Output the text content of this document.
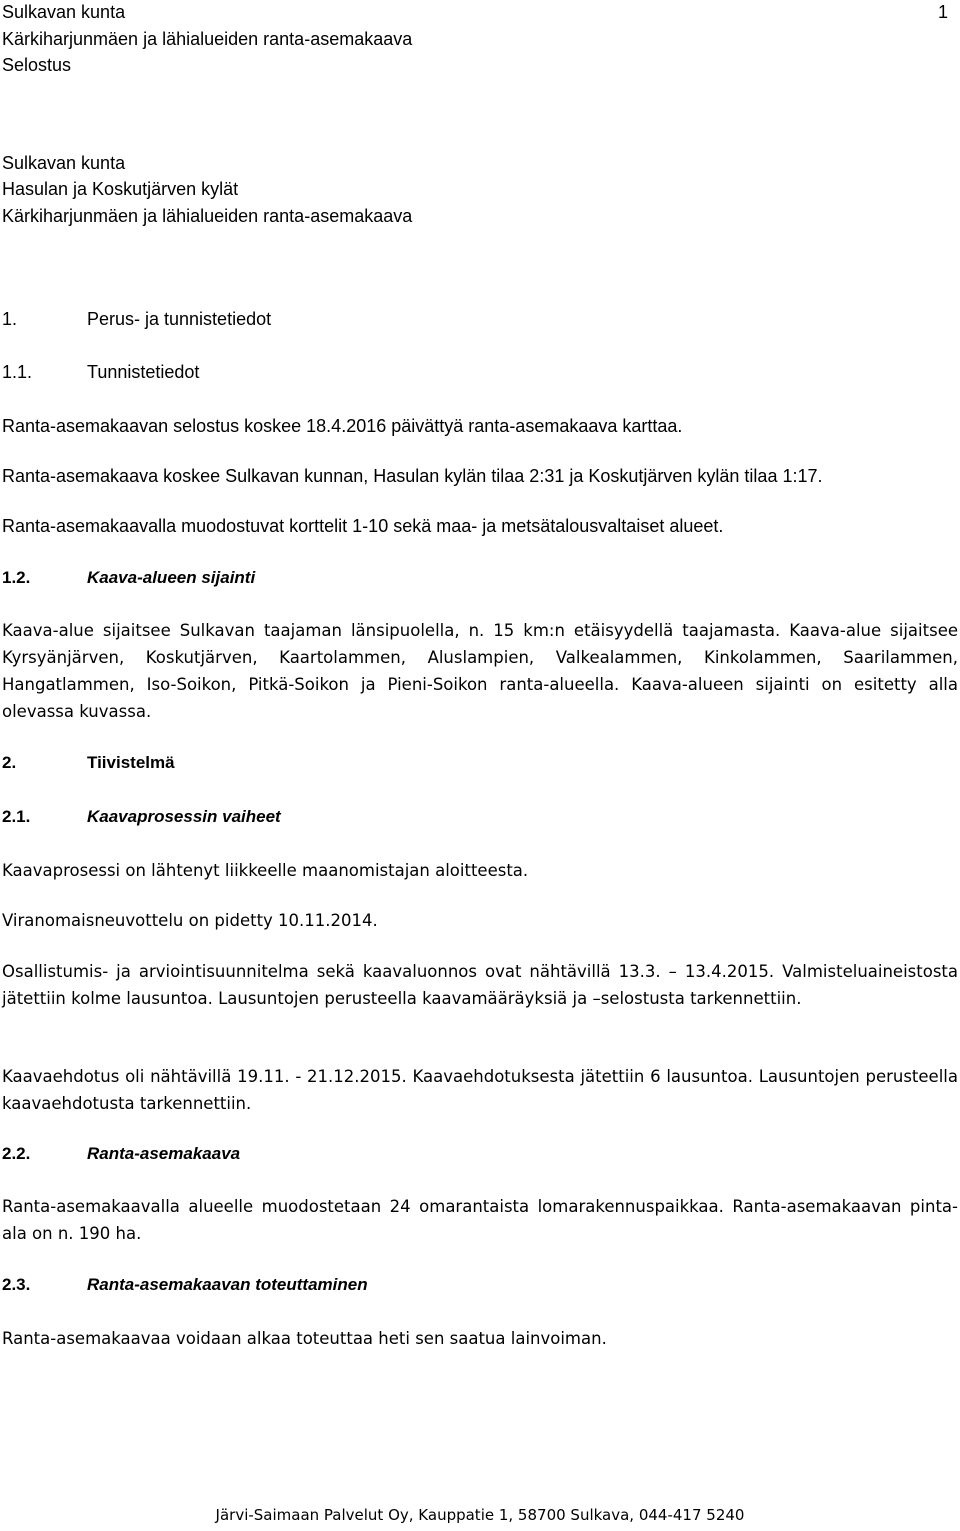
Sulkavan kunta
Kärkiharjunmäen ja lähialueiden ranta-asemakaava
Selostus
1
Sulkavan kunta
Hasulan ja Koskutjärven kylät
Kärkiharjunmäen ja lähialueiden ranta-asemakaava
1.	Perus- ja tunnistetiedot
1.1.	Tunnistetiedot
Ranta-asemakaavan selostus koskee 18.4.2016 päivättyä ranta-asemakaava karttaa.
Ranta-asemakaava koskee Sulkavan kunnan, Hasulan kylän tilaa 2:31 ja Koskutjärven kylän tilaa 1:17.
Ranta-asemakaavalla muodostuvat korttelit 1-10 sekä maa- ja metsätalousvaltaiset alueet.
1.2.	Kaava-alueen sijainti

Kaava-alue sijaitsee Sulkavan taajaman länsipuolella, n. 15 km:n etäisyydellä taajamasta. Kaava-alue sijaitsee Kyrsyänjärven, Koskutjärven, Kaartolammen, Aluslampien, Valkealammen, Kinkolammen, Saarilammen, Hangatlammen, Iso-Soikon, Pitkä-Soikon ja Pieni-Soikon ranta-alueella. Kaava-alueen sijainti on esitetty alla olevassa kuvassa.

2.	Tiivistelmä
2.1.	Kaavaprosessin vaiheet
Kaavaprosessi on lähtenyt liikkeelle maanomistajan aloitteesta.
Viranomaisneuvottelu on pidetty 10.11.2014.

Osallistumis- ja arviointisuunnitelma sekä kaavaluonnos ovat nähtävillä 13.3. – 13.4.2015. Valmisteluaineistosta jätettiin kolme lausuntoa. Lausuntojen perusteella kaavamääräyksiä ja –selostusta tarkennettiin.

Kaavaehdotus oli nähtävillä 19.11. - 21.12.2015. Kaavaehdotuksesta jätettiin 6 lausuntoa. Lausuntojen perusteella kaavaehdotusta tarkennettiin.

2.2.	Ranta-asemakaava

Ranta-asemakaavalla alueelle muodostetaan 24 omarantaista lomarakennuspaikkaa. Ranta-asemakaavan pinta-ala on n. 190 ha.

2.3.	Ranta-asemakaavan toteuttaminen
Ranta-asemakaavaa voidaan alkaa toteuttaa heti sen saatua lainvoiman.
Järvi-Saimaan Palvelut Oy, Kauppatie 1, 58700 Sulkava, 044-417 5240
